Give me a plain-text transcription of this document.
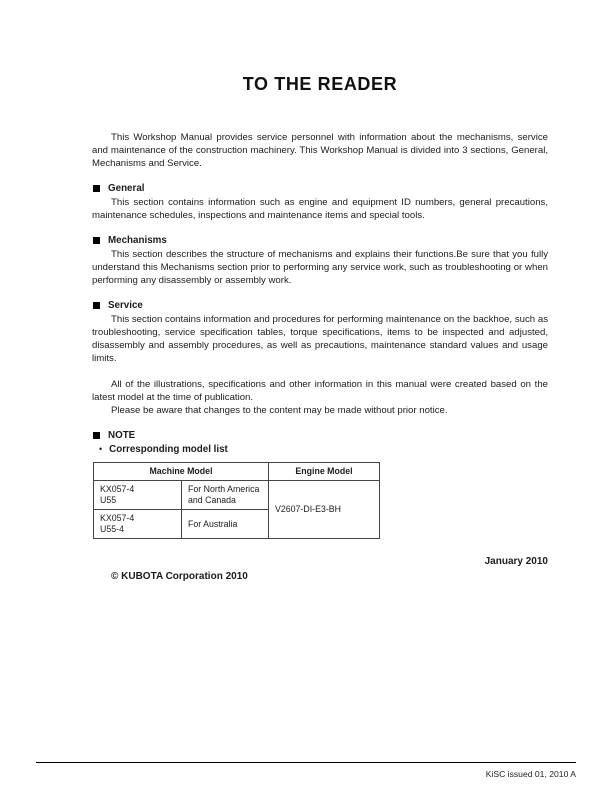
TO THE READER

This Workshop Manual provides service personnel with information about the mechanisms, service and maintenance of the construction machinery. This Workshop Manual is divided into 3 sections, General, Mechanisms and Service.

General

This section contains information such as engine and equipment ID numbers, general precautions, maintenance schedules, inspections and maintenance items and special tools.

Mechanisms

This section describes the structure of mechanisms and explains their functions.Be sure that you fully understand this Mechanisms section prior to performing any service work, such as troubleshooting or when performing any disassembly or assembly work.

Service

This section contains information and procedures for performing maintenance on the backhoe, such as troubleshooting, service specification tables, torque specifications, items to be inspected and adjusted, disassembly and assembly procedures, as well as precautions, maintenance standard values and usage limits.

All of the illustrations, specifications and other information in this manual were created based on the latest model at the time of publication.

Please be aware that changes to the content may be made without prior notice.

NOTE
• Corresponding model list
Machine Model		Engine Model

KX057-4
U55	For North America and Canada	V2607-DI-E3-BH

KX057-4
U55-4	For Australia	
January 2010
© KUBOTA Corporation 2010
KiSC issued 01, 2010 A
